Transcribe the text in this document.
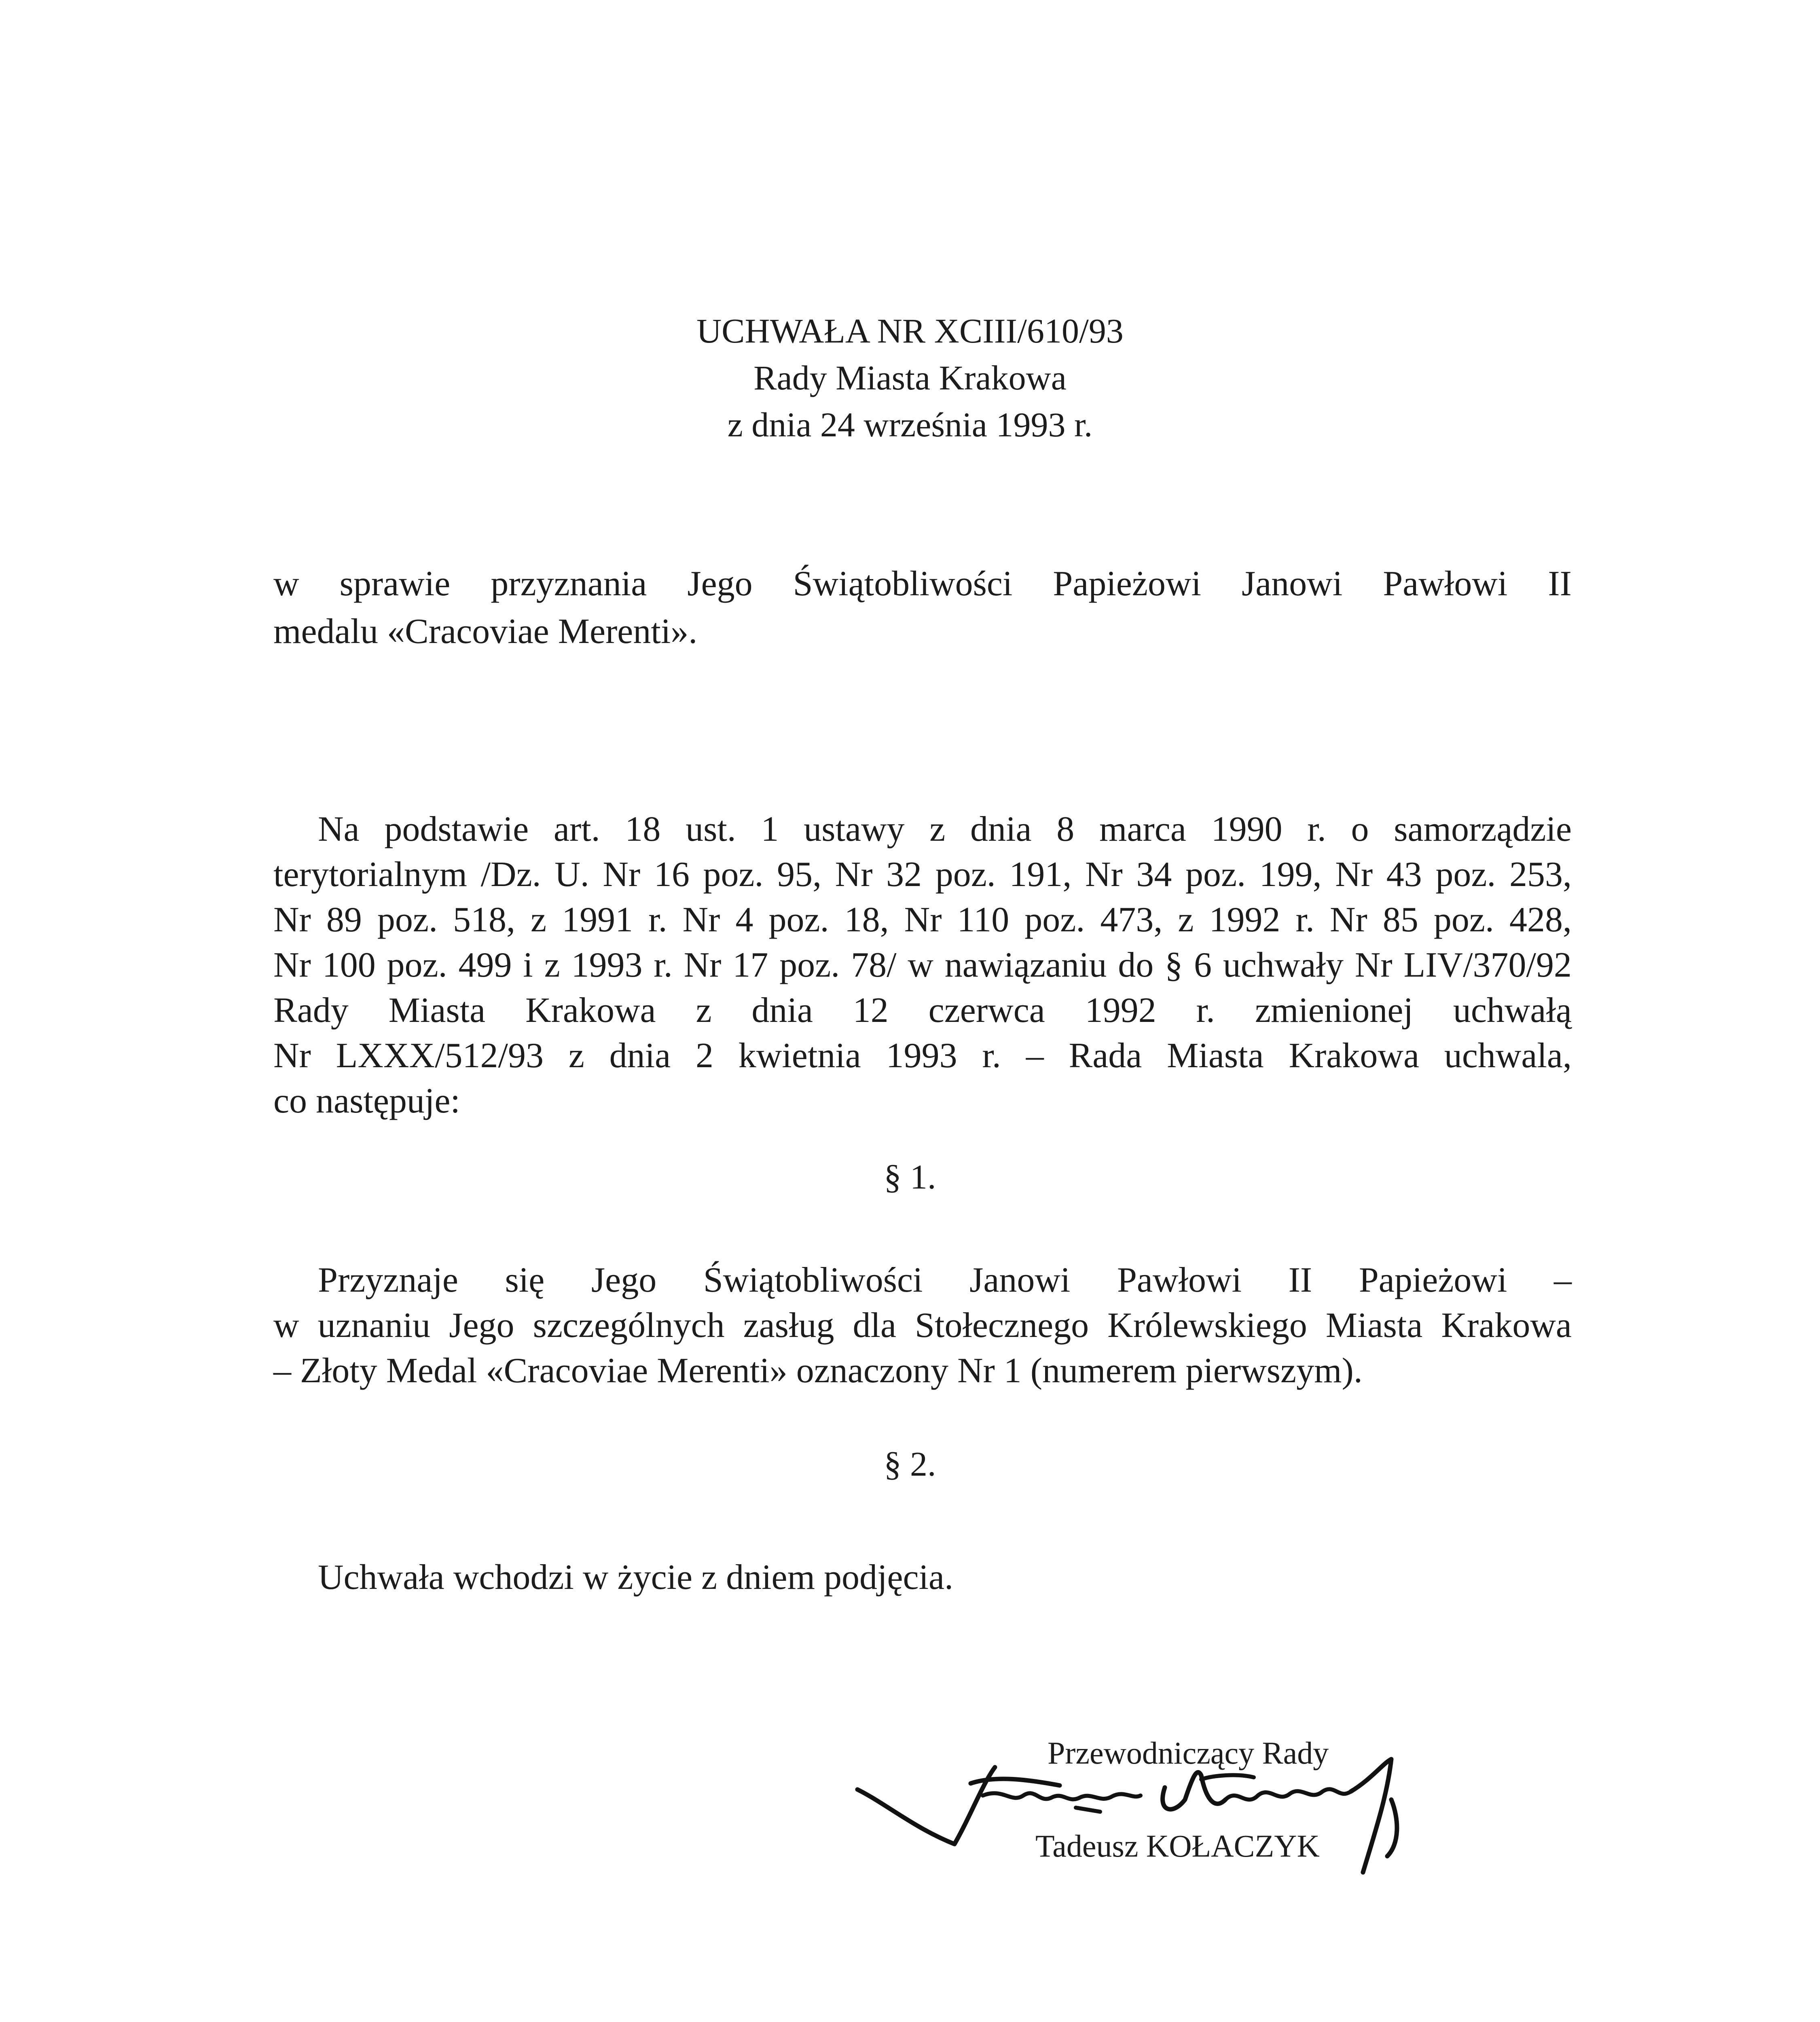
UCHWAŁA NR XCIII/610/93
Rady Miasta Krakowa
z dnia 24 września 1993 r.
w sprawie przyznania Jego Świątobliwości Papieżowi Janowi Pawłowi II
medalu «Cracoviae Merenti».
Na podstawie art. 18 ust. 1 ustawy z dnia 8 marca 1990 r. o samorządzie
terytorialnym /Dz. U. Nr 16 poz. 95, Nr 32 poz. 191, Nr 34 poz. 199, Nr 43 poz. 253,
Nr 89 poz. 518, z 1991 r. Nr 4 poz. 18, Nr 110 poz. 473, z 1992 r. Nr 85 poz. 428,
Nr 100 poz. 499 i z 1993 r. Nr 17 poz. 78/ w nawiązaniu do § 6 uchwały Nr LIV/370/92
Rady Miasta Krakowa z dnia 12 czerwca 1992 r. zmienionej uchwałą
Nr LXXX/512/93 z dnia 2 kwietnia 1993 r. – Rada Miasta Krakowa uchwala,
co następuje:
§ 1.
Przyznaje się Jego Świątobliwości Janowi Pawłowi II Papieżowi –
w uznaniu Jego szczególnych zasług dla Stołecznego Królewskiego Miasta Krakowa
– Złoty Medal «Cracoviae Merenti» oznaczony Nr 1 (numerem pierwszym).
§ 2.
Uchwała wchodzi w życie z dniem podjęcia.
Przewodniczący Rady
Tadeusz KOŁACZYK
